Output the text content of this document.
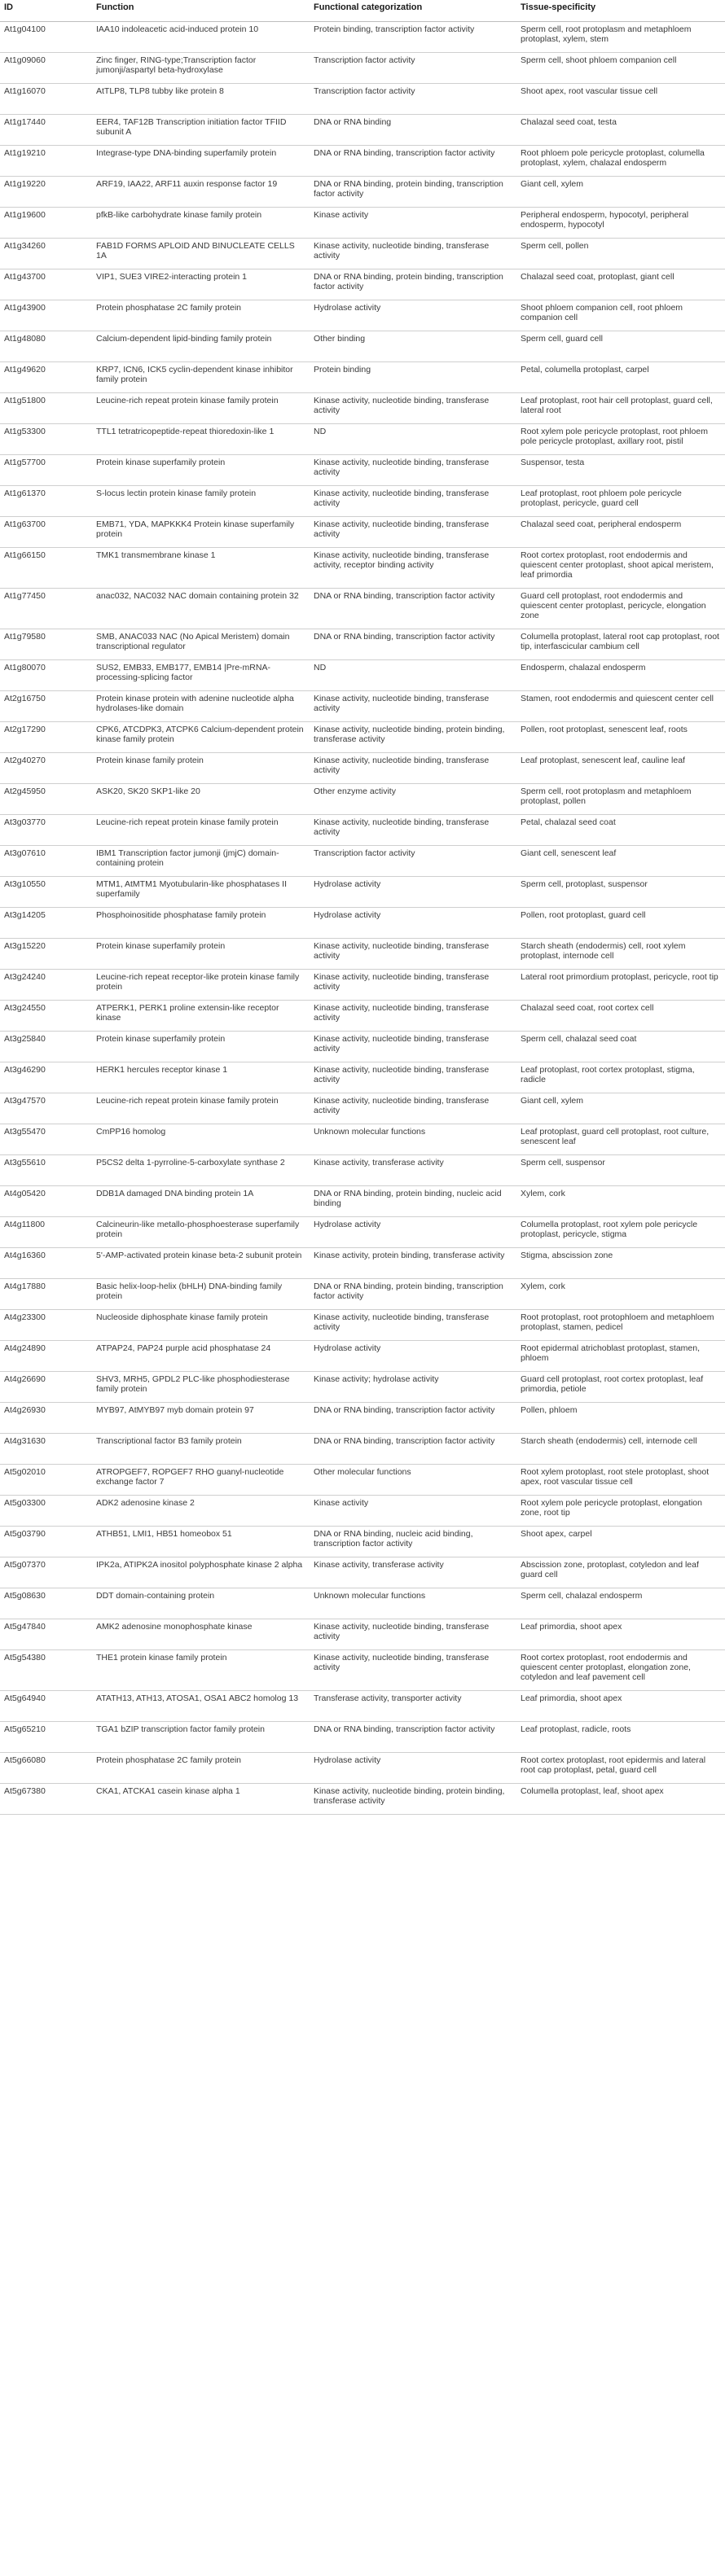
ID	Function	Functional categorization	Tissue-specificity
At1g04100	IAA10 indoleacetic acid-induced protein 10	Protein binding, transcription factor activity	Sperm cell, root protoplasm and metaphloem protoplast, xylem, stem
At1g09060	Zinc finger, RING-type;Transcription factor jumonji/aspartyl beta-hydroxylase	Transcription factor activity	Sperm cell, shoot phloem companion cell
At1g16070	AtTLP8, TLP8 tubby like protein 8	Transcription factor activity	Shoot apex, root vascular tissue cell
At1g17440	EER4, TAF12B Transcription initiation factor TFIID subunit A	DNA or RNA binding	Chalazal seed coat, testa
At1g19210	Integrase-type DNA-binding superfamily protein	DNA or RNA binding, transcription factor activity	Root phloem pole pericycle protoplast, columella protoplast, xylem, chalazal endosperm
At1g19220	ARF19, IAA22, ARF11 auxin response factor 19	DNA or RNA binding, protein binding, transcription factor activity	Giant cell, xylem
At1g19600	pfkB-like carbohydrate kinase family protein	Kinase activity	Peripheral endosperm, hypocotyl, peripheral endosperm, hypocotyl
At1g34260	FAB1D FORMS APLOID AND BINUCLEATE CELLS 1A	Kinase activity, nucleotide binding, transferase activity	Sperm cell, pollen
At1g43700	VIP1, SUE3 VIRE2-interacting protein 1	DNA or RNA binding, protein binding, transcription factor activity	Chalazal seed coat, protoplast, giant cell
At1g43900	Protein phosphatase 2C family protein	Hydrolase activity	Shoot phloem companion cell, root phloem companion cell
At1g48080	Calcium-dependent lipid-binding family protein	Other binding	Sperm cell, guard cell
At1g49620	KRP7, ICN6, ICK5 cyclin-dependent kinase inhibitor family protein	Protein binding	Petal, columella protoplast, carpel
At1g51800	Leucine-rich repeat protein kinase family protein	Kinase activity, nucleotide binding, transferase activity	Leaf protoplast, root hair cell protoplast, guard cell, lateral root
At1g53300	TTL1 tetratricopeptide-repeat thioredoxin-like 1	ND	Root xylem pole pericycle protoplast, root phloem pole pericycle protoplast, axillary root, pistil
At1g57700	Protein kinase superfamily protein	Kinase activity, nucleotide binding, transferase activity	Suspensor, testa
At1g61370	S-locus lectin protein kinase family protein	Kinase activity, nucleotide binding, transferase activity	Leaf protoplast, root phloem pole pericycle protoplast, pericycle, guard cell
At1g63700	EMB71, YDA, MAPKKK4 Protein kinase superfamily protein	Kinase activity, nucleotide binding, transferase activity	Chalazal seed coat, peripheral endosperm
At1g66150	TMK1 transmembrane kinase 1	Kinase activity, nucleotide binding, transferase activity, receptor binding activity	Root cortex protoplast, root endodermis and quiescent center protoplast, shoot apical meristem, leaf primordia
At1g77450	anac032, NAC032 NAC domain containing protein 32	DNA or RNA binding, transcription factor activity	Guard cell protoplast, root endodermis and quiescent center protoplast, pericycle, elongation zone
At1g79580	SMB, ANAC033 NAC (No Apical Meristem) domain transcriptional regulator	DNA or RNA binding, transcription factor activity	Columella protoplast, lateral root cap protoplast, root tip, interfascicular cambium cell
At1g80070	SUS2, EMB33, EMB177, EMB14 |Pre-mRNA-processing-splicing factor	ND	Endosperm, chalazal endosperm
At2g16750	Protein kinase protein with adenine nucleotide alpha hydrolases-like domain	Kinase activity, nucleotide binding, transferase activity	Stamen, root endodermis and quiescent center cell
At2g17290	CPK6, ATCDPK3, ATCPK6 Calcium-dependent protein kinase family protein	Kinase activity, nucleotide binding, protein binding, transferase activity	Pollen, root protoplast, senescent leaf, roots
At2g40270	Protein kinase family protein	Kinase activity, nucleotide binding, transferase activity	Leaf protoplast, senescent leaf, cauline leaf
At2g45950	ASK20, SK20 SKP1-like 20	Other enzyme activity	Sperm cell, root protoplasm and metaphloem protoplast, pollen
At3g03770	Leucine-rich repeat protein kinase family protein	Kinase activity, nucleotide binding, transferase activity	Petal, chalazal seed coat
At3g07610	IBM1 Transcription factor jumonji (jmjC) domain-containing protein	Transcription factor activity	Giant cell, senescent leaf
At3g10550	MTM1, AtMTM1 Myotubularin-like phosphatases II superfamily	Hydrolase activity	Sperm cell, protoplast, suspensor
At3g14205	Phosphoinositide phosphatase family protein	Hydrolase activity	Pollen, root protoplast, guard cell
At3g15220	Protein kinase superfamily protein	Kinase activity, nucleotide binding, transferase activity	Starch sheath (endodermis) cell, root xylem protoplast, internode cell
At3g24240	Leucine-rich repeat receptor-like protein kinase family protein	Kinase activity, nucleotide binding, transferase activity	Lateral root primordium protoplast, pericycle, root tip
At3g24550	ATPERK1, PERK1 proline extensin-like receptor kinase	Kinase activity, nucleotide binding, transferase activity	Chalazal seed coat, root cortex cell
At3g25840	Protein kinase superfamily protein	Kinase activity, nucleotide binding, transferase activity	Sperm cell, chalazal seed coat
At3g46290	HERK1 hercules receptor kinase 1	Kinase activity, nucleotide binding, transferase activity	Leaf protoplast, root cortex protoplast, stigma, radicle
At3g47570	Leucine-rich repeat protein kinase family protein	Kinase activity, nucleotide binding, transferase activity	Giant cell, xylem
At3g55470	CmPP16 homolog	Unknown molecular functions	Leaf protoplast, guard cell protoplast, root culture, senescent leaf
At3g55610	P5CS2 delta 1-pyrroline-5-carboxylate synthase 2	Kinase activity, transferase activity	Sperm cell, suspensor
At4g05420	DDB1A damaged DNA binding protein 1A	DNA or RNA binding, protein binding, nucleic acid binding	Xylem, cork
At4g11800	Calcineurin-like metallo-phosphoesterase superfamily protein	Hydrolase activity	Columella protoplast, root xylem pole pericycle protoplast, pericycle, stigma
At4g16360	5'-AMP-activated protein kinase beta-2 subunit protein	Kinase activity, protein binding, transferase activity	Stigma, abscission zone
At4g17880	Basic helix-loop-helix (bHLH) DNA-binding family protein	DNA or RNA binding, protein binding, transcription factor activity	Xylem, cork
At4g23300	Nucleoside diphosphate kinase family protein	Kinase activity, nucleotide binding, transferase activity	Root protoplast, root protophloem and metaphloem protoplast, stamen, pedicel
At4g24890	ATPAP24, PAP24 purple acid phosphatase 24	Hydrolase activity	Root epidermal atrichoblast protoplast, stamen, phloem
At4g26690	SHV3, MRH5, GPDL2 PLC-like phosphodiesterase family protein	Kinase activity; hydrolase activity	Guard cell protoplast, root cortex protoplast, leaf primordia, petiole
At4g26930	MYB97, AtMYB97 myb domain protein 97	DNA or RNA binding, transcription factor activity	Pollen, phloem
At4g31630	Transcriptional factor B3 family protein	DNA or RNA binding, transcription factor activity	Starch sheath (endodermis) cell, internode cell
At5g02010	ATROPGEF7, ROPGEF7 RHO guanyl-nucleotide exchange factor 7	Other molecular functions	Root xylem protoplast, root stele protoplast, shoot apex, root vascular tissue cell
At5g03300	ADK2 adenosine kinase 2	Kinase activity	Root xylem pole pericycle protoplast, elongation zone, root tip
At5g03790	ATHB51, LMI1, HB51 homeobox 51	DNA or RNA binding, nucleic acid binding, transcription factor activity	Shoot apex, carpel
At5g07370	IPK2a, ATIPK2A inositol polyphosphate kinase 2 alpha	Kinase activity, transferase activity	Abscission zone, protoplast, cotyledon and leaf guard cell
At5g08630	DDT domain-containing protein	Unknown molecular functions	Sperm cell, chalazal endosperm
At5g47840	AMK2 adenosine monophosphate kinase	Kinase activity, nucleotide binding, transferase activity	Leaf primordia, shoot apex
At5g54380	THE1 protein kinase family protein	Kinase activity, nucleotide binding, transferase activity	Root cortex protoplast, root endodermis and quiescent center protoplast, elongation zone, cotyledon and leaf pavement cell
At5g64940	ATATH13, ATH13, ATOSA1, OSA1 ABC2 homolog 13	Transferase activity, transporter activity	Leaf primordia, shoot apex
At5g65210	TGA1 bZIP transcription factor family protein	DNA or RNA binding, transcription factor activity	Leaf protoplast, radicle, roots
At5g66080	Protein phosphatase 2C family protein	Hydrolase activity	Root cortex protoplast, root epidermis and lateral root cap protoplast, petal, guard cell
At5g67380	CKA1, ATCKA1 casein kinase alpha 1	Kinase activity, nucleotide binding, protein binding, transferase activity	Columella protoplast, leaf, shoot apex
